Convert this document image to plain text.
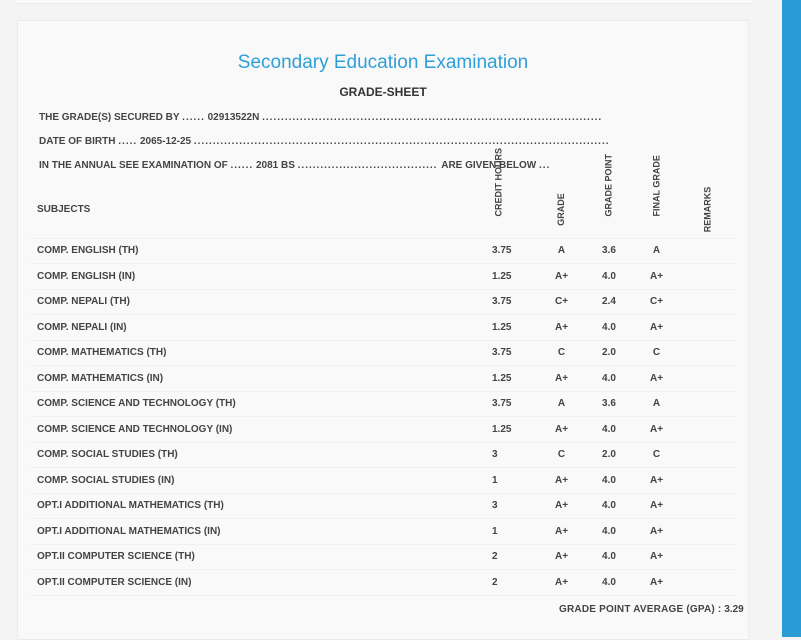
Secondary Education Examination
GRADE-SHEET
THE GRADE(S) SECURED BY ...... 02913522N ..........................................................................................
DATE OF BIRTH ..... 2065-12-25 ..............................................................................................................
IN THE ANNUAL SEE EXAMINATION OF ...... 2081 BS ..................................... ARE GIVEN BELOW ...
SUBJECTS	CREDIT HOURS	GRADE	GRADE POINT	FINAL GRADE	REMARKS
COMP. ENGLISH (TH)	3.75	A	3.6	A	
COMP. ENGLISH (IN)	1.25	A+	4.0	A+	
COMP. NEPALI (TH)	3.75	C+	2.4	C+	
COMP. NEPALI (IN)	1.25	A+	4.0	A+	
COMP. MATHEMATICS (TH)	3.75	C	2.0	C	
COMP. MATHEMATICS (IN)	1.25	A+	4.0	A+	
COMP. SCIENCE AND TECHNOLOGY (TH)	3.75	A	3.6	A	
COMP. SCIENCE AND TECHNOLOGY (IN)	1.25	A+	4.0	A+	
COMP. SOCIAL STUDIES (TH)	3	C	2.0	C	
COMP. SOCIAL STUDIES (IN)	1	A+	4.0	A+	
OPT.I ADDITIONAL MATHEMATICS (TH)	3	A+	4.0	A+	
OPT.I ADDITIONAL MATHEMATICS (IN)	1	A+	4.0	A+	
OPT.II COMPUTER SCIENCE (TH)	2	A+	4.0	A+	
OPT.II COMPUTER SCIENCE (IN)	2	A+	4.0	A+	
GRADE POINT AVERAGE (GPA) : 3.29
